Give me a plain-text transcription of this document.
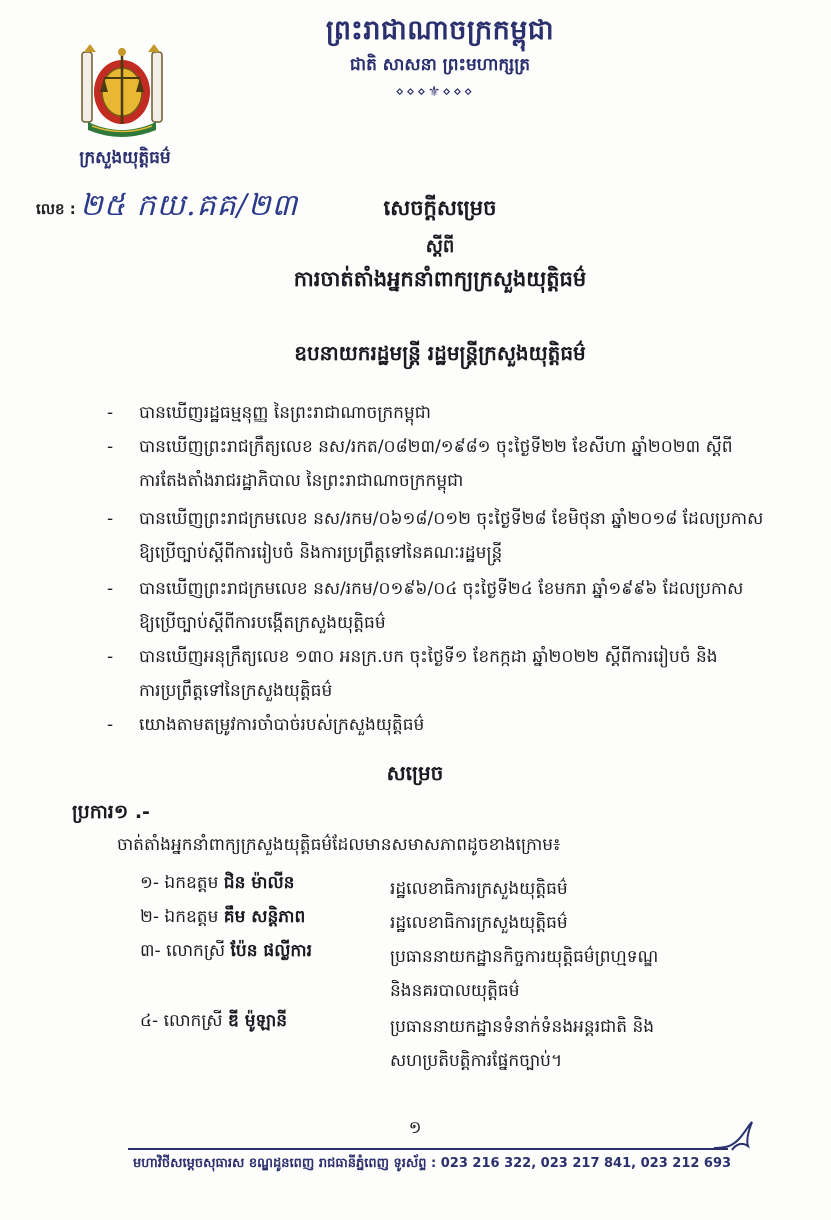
ព្រះរាជាណាចក្រកម្ពុជា
ជាតិ សាសនា ព្រះមហាក្សត្រ
⋄⋄⋄⚜⋄⋄⋄
ក្រសួងយុត្តិធម៌
លេខ : ២៥ កយ.គគ/២៣	សេចក្តីសម្រេច
ស្តីពី
ការចាត់តាំងអ្នកនាំពាក្យក្រសួងយុត្តិធម៌
ឧបនាយករដ្ឋមន្ត្រី រដ្ឋមន្ត្រីក្រសួងយុត្តិធម៌
- បានឃើញរដ្ឋធម្មនុញ្ញ នៃព្រះរាជាណាចក្រកម្ពុជា
- បានឃើញព្រះរាជក្រឹត្យលេខ នស/រកត/០៨២៣/១៩៨១ ចុះថ្ងៃទី២២ ខែសីហា ឆ្នាំ២០២៣ ស្តីពី
ការតែងតាំងរាជរដ្ឋាភិបាល នៃព្រះរាជាណាចក្រកម្ពុជា
- បានឃើញព្រះរាជក្រមលេខ នស/រកម/០៦១៨/០១២ ចុះថ្ងៃទី២៨ ខែមិថុនា ឆ្នាំ២០១៨ ដែលប្រកាស
ឱ្យប្រើច្បាប់ស្តីពីការរៀបចំ និងការប្រព្រឹត្តទៅនៃគណៈរដ្ឋមន្ត្រី
- បានឃើញព្រះរាជក្រមលេខ នស/រកម/០១៩៦/០៤ ចុះថ្ងៃទី២៤ ខែមករា ឆ្នាំ១៩៩៦ ដែលប្រកាស
ឱ្យប្រើច្បាប់ស្តីពីការបង្កើតក្រសួងយុត្តិធម៌
- បានឃើញអនុក្រឹត្យលេខ ១៣០ អនក្រ.បក ចុះថ្ងៃទី១ ខែកក្កដា ឆ្នាំ២០២២ ស្តីពីការរៀបចំ និង
ការប្រព្រឹត្តទៅនៃក្រសួងយុត្តិធម៌
- យោងតាមតម្រូវការចាំបាច់របស់ក្រសួងយុត្តិធម៌
សម្រេច
ប្រការ១ .-
ចាត់តាំងអ្នកនាំពាក្យក្រសួងយុត្តិធម៌ដែលមានសមាសភាពដូចខាងក្រោម៖
១- ឯកឧត្តម ជិន ម៉ាលីន	រដ្ឋលេខាធិការក្រសួងយុត្តិធម៌
២- ឯកឧត្តម គឹម សន្តិភាព	រដ្ឋលេខាធិការក្រសួងយុត្តិធម៌
៣- លោកស្រី ប៉ែន ផល្លីការ	ប្រធាននាយកដ្ឋានកិច្ចការយុត្តិធម៌ព្រហ្មទណ្ឌ
និងនគរបាលយុត្តិធម៌
៤- លោកស្រី ឌី ម៉ូឡានី	ប្រធាននាយកដ្ឋានទំនាក់ទំនងអន្តរជាតិ និង
សហប្រតិបត្តិការផ្នែកច្បាប់។
១
មហាវិថីសម្តេចសុធារស ខណ្ឌដូនពេញ រាជធានីភ្នំពេញ ទូរស័ព្ទ : 023 216 322, 023 217 841, 023 212 693
